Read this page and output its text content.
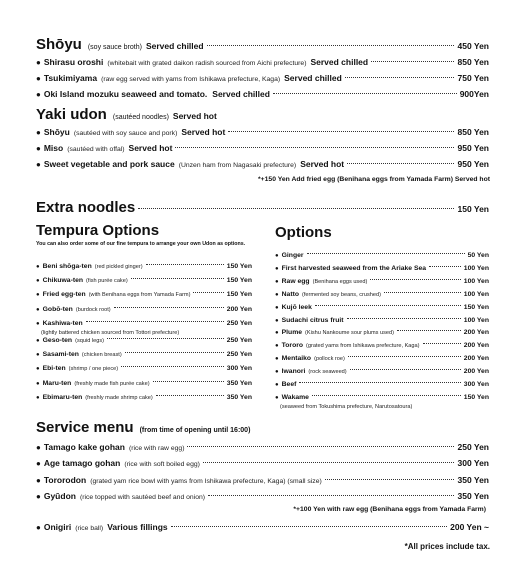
Shōyu (soy sauce broth) Served chilled	450 Yen
● Shirasu oroshi (whitebait with grated daikon radish sourced from Aichi prefecture) Served chilled	850 Yen
● Tsukimiyama (raw egg served with yams from Ishikawa prefecture, Kaga) Served chilled	750 Yen
● Oki Island mozuku seaweed and tomato. Served chilled	900Yen
Yaki udon (sautéed noodles) Served hot
● Shōyu (sautéed with soy sauce and pork) Served hot	850 Yen
● Miso (sautéed with offal) Served hot	950 Yen
● Sweet vegetable and pork sauce (Unzen ham from Nagasaki prefecture) Served hot	950 Yen
*+150 Yen Add fried egg (Benihana eggs from Yamada Farm) Served hot
Extra noodles	150 Yen
Tempura Options
You can also order some of our fine tempura to arrange your own Udon as options.
● Beni shōga-ten (red pickled ginger)	150 Yen
● Chikuwa-ten (fish purée cake)	150 Yen
● Fried egg-ten (with Benihana eggs from Yamada Farm)	150 Yen
● Gobō-ten (burdock root)	200 Yen
● Kashiwa-ten	250 Yen
(lightly battered chicken sourced from Tottori prefecture)
● Geso-ten (squid legs)	250 Yen
● Sasami-ten (chicken breast)	250 Yen
● Ebi-ten (shrimp / one piece)	300 Yen
● Maru-ten (freshly made fish purée cake)	350 Yen
● Ebimaru-ten (freshly made shrimp cake)	350 Yen
Options
● Ginger	50 Yen
● First harvested seaweed from the Ariake Sea	100 Yen
● Raw egg (Benihana eggs used)	100 Yen
● Natto (fermented soy beans, crushed)	100 Yen
● Kujō leek	150 Yen
● Sudachi citrus fruit	100 Yen
● Plume (Kishu Nankoume sour plums used)	200 Yen
● Tororo (grated yams from Ishikawa prefecture, Kaga)	200 Yen
● Mentaiko (pollock roe)	200 Yen
● Iwanori (rock seaweed)	200 Yen
● Beef	300 Yen
● Wakame	150 Yen
(seaweed from Tokushima prefecture, Narutosatoura)
Service menu (from time of opening until 16:00)
● Tamago kake gohan (rice with raw egg)	250 Yen
● Age tamago gohan (rice with soft boiled egg)	300 Yen
● Tororodon (grated yam rice bowl with yams from Ishikawa prefecture, Kaga) (small size)	350 Yen
● Gyūdon (rice topped with sautéed beef and onion)	350 Yen
*+100 Yen with raw egg (Benihana eggs from Yamada Farm)
● Onigiri (rice ball) Various fillings	200 Yen ~
*All prices include tax.
